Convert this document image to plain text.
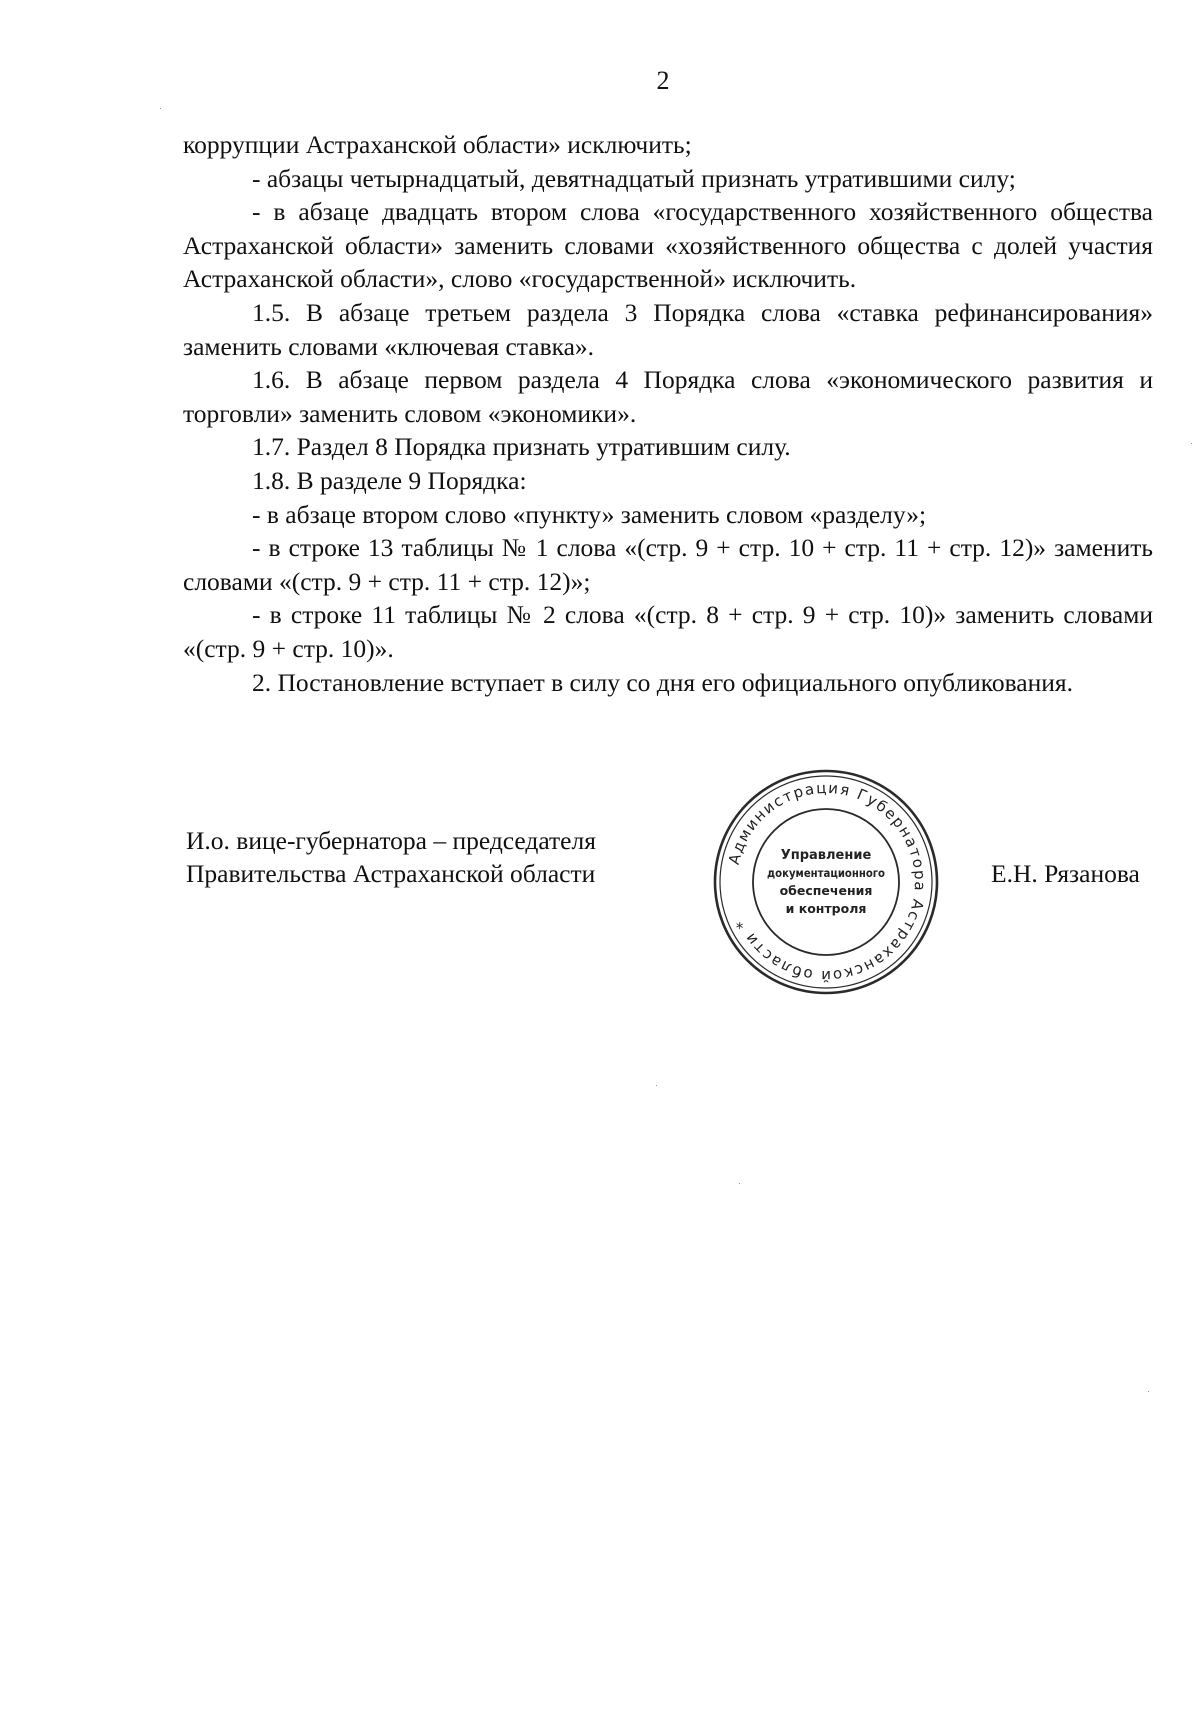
2

коррупции Астраханской области» исключить;

- абзацы четырнадцатый, девятнадцатый признать утратившими силу;

- в абзаце двадцать втором слова «государственного хозяйственного общества Астраханской области» заменить словами «хозяйственного общества с долей участия Астраханской области», слово «государственной» исключить.

1.5. В абзаце третьем раздела 3 Порядка слова «ставка рефинансирования» заменить словами «ключевая ставка».

1.6. В абзаце первом раздела 4 Порядка слова «экономического развития и торговли» заменить словом «экономики».

1.7. Раздел 8 Порядка признать утратившим силу.

1.8. В разделе 9 Порядка:

- в абзаце втором слово «пункту» заменить словом «разделу»;

- в строке 13 таблицы № 1 слова «(стр. 9 + стр. 10 + стр. 11 + стр. 12)» заменить словами «(стр. 9 + стр. 11 + стр. 12)»;

- в строке 11 таблицы № 2 слова «(стр. 8 + стр. 9 + стр. 10)» заменить словами «(стр. 9 + стр. 10)».

2. Постановление вступает в силу со дня его официального опубликования.

И.о. вице-губернатора – председателя
Правительства Астраханской области
Администрация Губернатора Астраханской области *
Управление
документационного
обеспечения
и контроля
Е.Н. Рязанова
